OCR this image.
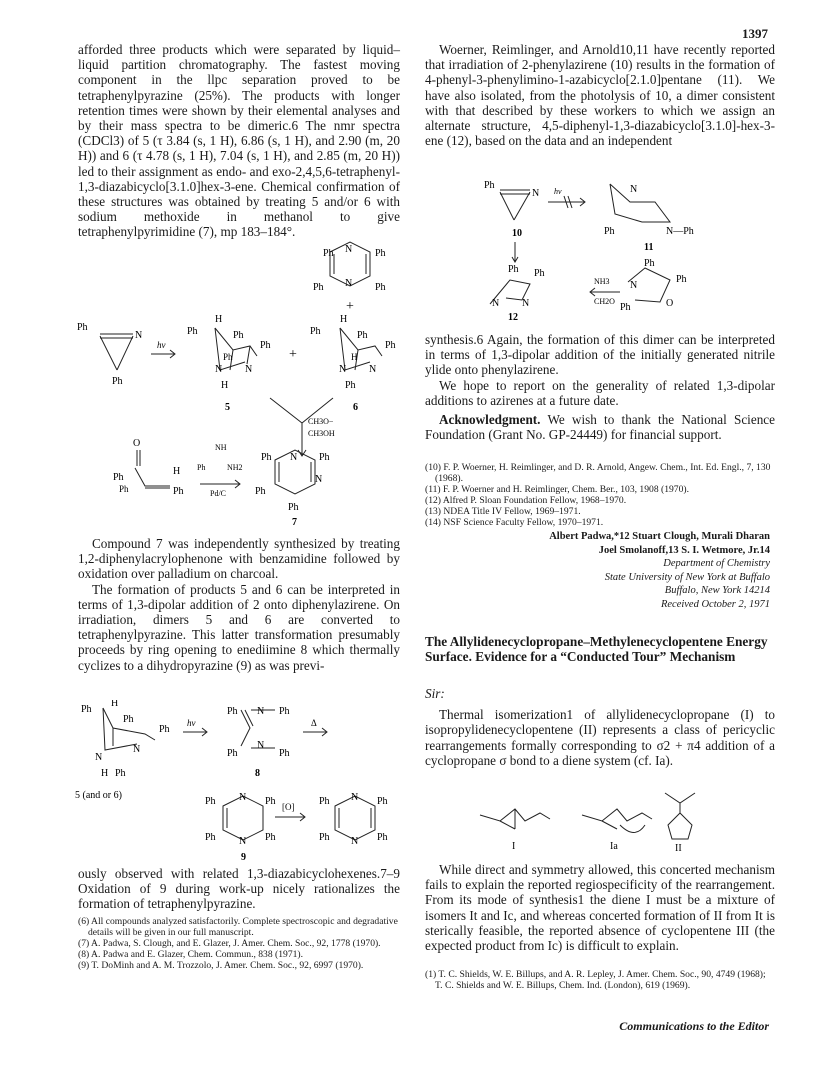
1397

afforded three products which were separated by liquid–liquid partition chromatography. The fastest moving component in the llpc separation proved to be tetraphenylpyrazine (25%). The products with longer retention times were shown by their elemental analyses and by their mass spectra to be dimeric.6 The nmr spectra (CDCl3) of 5 (τ 3.84 (s, 1 H), 6.86 (s, 1 H), and 2.90 (m, 20 H)) and 6 (τ 4.78 (s, 1 H), 7.04 (s, 1 H), and 2.85 (m, 20 H)) led to their assignment as endo- and exo-2,4,5,6-tetraphenyl-1,3-diazabicyclo[3.1.0]hex-3-ene. Chemical confirmation of these structures was obtained by treating 5 and/or 6 with sodium methoxide in methanol to give tetraphenylpyrimidine (7), mp 183–184°.

Ph	Ph
Ph	Ph
N
N
+
Ph
N
Ph
hν
Ph
H
Ph
Ph
Ph
N N
H
5
+
Ph
H
Ph
Ph
H
N N
Ph
6
CH3O−
CH3OH
O
H
Ph
Ph	Ph
NH
Ph	NH2
Pd/C
Ph N Ph
N
Ph
Ph
7

Compound 7 was independently synthesized by treating 1,2-diphenylacrylophenone with benzamidine followed by oxidation over palladium on charcoal.

The formation of products 5 and 6 can be interpreted in terms of 1,3-dipolar addition of 2 onto diphenylazirene. On irradiation, dimers 5 and 6 are converted to tetraphenylpyrazine. This latter transformation presumably proceeds by ring opening to enediimine 8 which thermally cyclizes to a dihydropyrazine (9) as was previ-

Ph
H
Ph
Ph
N
N
H Ph
5 (and or 6)
hν
Ph N Ph
Ph
N
Ph
8
Δ
Ph N Ph
Ph N Ph
[O] Ph N Ph
Ph N Ph
9

ously observed with related 1,3-diazabicyclohexenes.7–9 Oxidation of 9 during work-up nicely rationalizes the formation of tetraphenylpyrazine.

(6) All compounds analyzed satisfactorily. Complete spectroscopic and degradative details will be given in our full manuscript.
(7) A. Padwa, S. Clough, and E. Glazer, J. Amer. Chem. Soc., 92, 1778 (1970).
(8) A. Padwa and E. Glazer, Chem. Commun., 838 (1971).
(9) T. DoMinh and A. M. Trozzolo, J. Amer. Chem. Soc., 92, 6997 (1970).

Woerner, Reimlinger, and Arnold10,11 have recently reported that irradiation of 2-phenylazirene (10) results in the formation of 4-phenyl-3-phenylimino-1-azabicyclo[2.1.0]pentane (11). We have also isolated, from the photolysis of 10, a dimer consistent with that described by these workers to which we assign an alternate structure, 4,5-diphenyl-1,3-diazabicyclo[3.1.0]-hex-3-ene (12), based on the data and an independent

Ph
N
10
hν	N
Ph	N—Ph
11
Ph Ph
N N
12
NH3
CH2O
Ph
Ph
N
Ph	O

synthesis.6 Again, the formation of this dimer can be interpreted in terms of 1,3-dipolar addition of the initially generated nitrile ylide onto phenylazirene.

We hope to report on the generality of related 1,3-dipolar additions to azirenes at a future date.

Acknowledgment. We wish to thank the National Science Foundation (Grant No. GP-24449) for financial support.

(10) F. P. Woerner, H. Reimlinger, and D. R. Arnold, Angew. Chem., Int. Ed. Engl., 7, 130 (1968).
(11) F. P. Woerner and H. Reimlinger, Chem. Ber., 103, 1908 (1970).
(12) Alfred P. Sloan Foundation Fellow, 1968–1970.
(13) NDEA Title IV Fellow, 1969–1971.
(14) NSF Science Faculty Fellow, 1970–1971.
Albert Padwa,*12 Stuart Clough, Murali Dharan
Joel Smolanoff,13 S. I. Wetmore, Jr.14
Department of Chemistry
State University of New York at Buffalo
Buffalo, New York 14214
Received October 2, 1971
The Allylidenecyclopropane–Methylenecyclopentene Energy Surface. Evidence for a “Conducted Tour” Mechanism

Sir:

Thermal isomerization1 of allylidenecyclopropane (I) to isopropylidenecyclopentene (II) represents a class of pericyclic rearrangements formally corresponding to σ2 + π4 addition of a cyclopropane σ bond to a diene system (cf. Ia).

I	Ia	II

While direct and symmetry allowed, this concerted mechanism fails to explain the reported regiospecificity of the rearrangement. From its mode of synthesis1 the diene I must be a mixture of isomers It and Ic, and whereas concerted formation of II from It is sterically feasible, the reported absence of cyclopentene III (the expected product from Ic) is difficult to explain.

(1) T. C. Shields, W. E. Billups, and A. R. Lepley, J. Amer. Chem. Soc., 90, 4749 (1968); T. C. Shields and W. E. Billups, Chem. Ind. (London), 619 (1969).
Communications to the Editor
